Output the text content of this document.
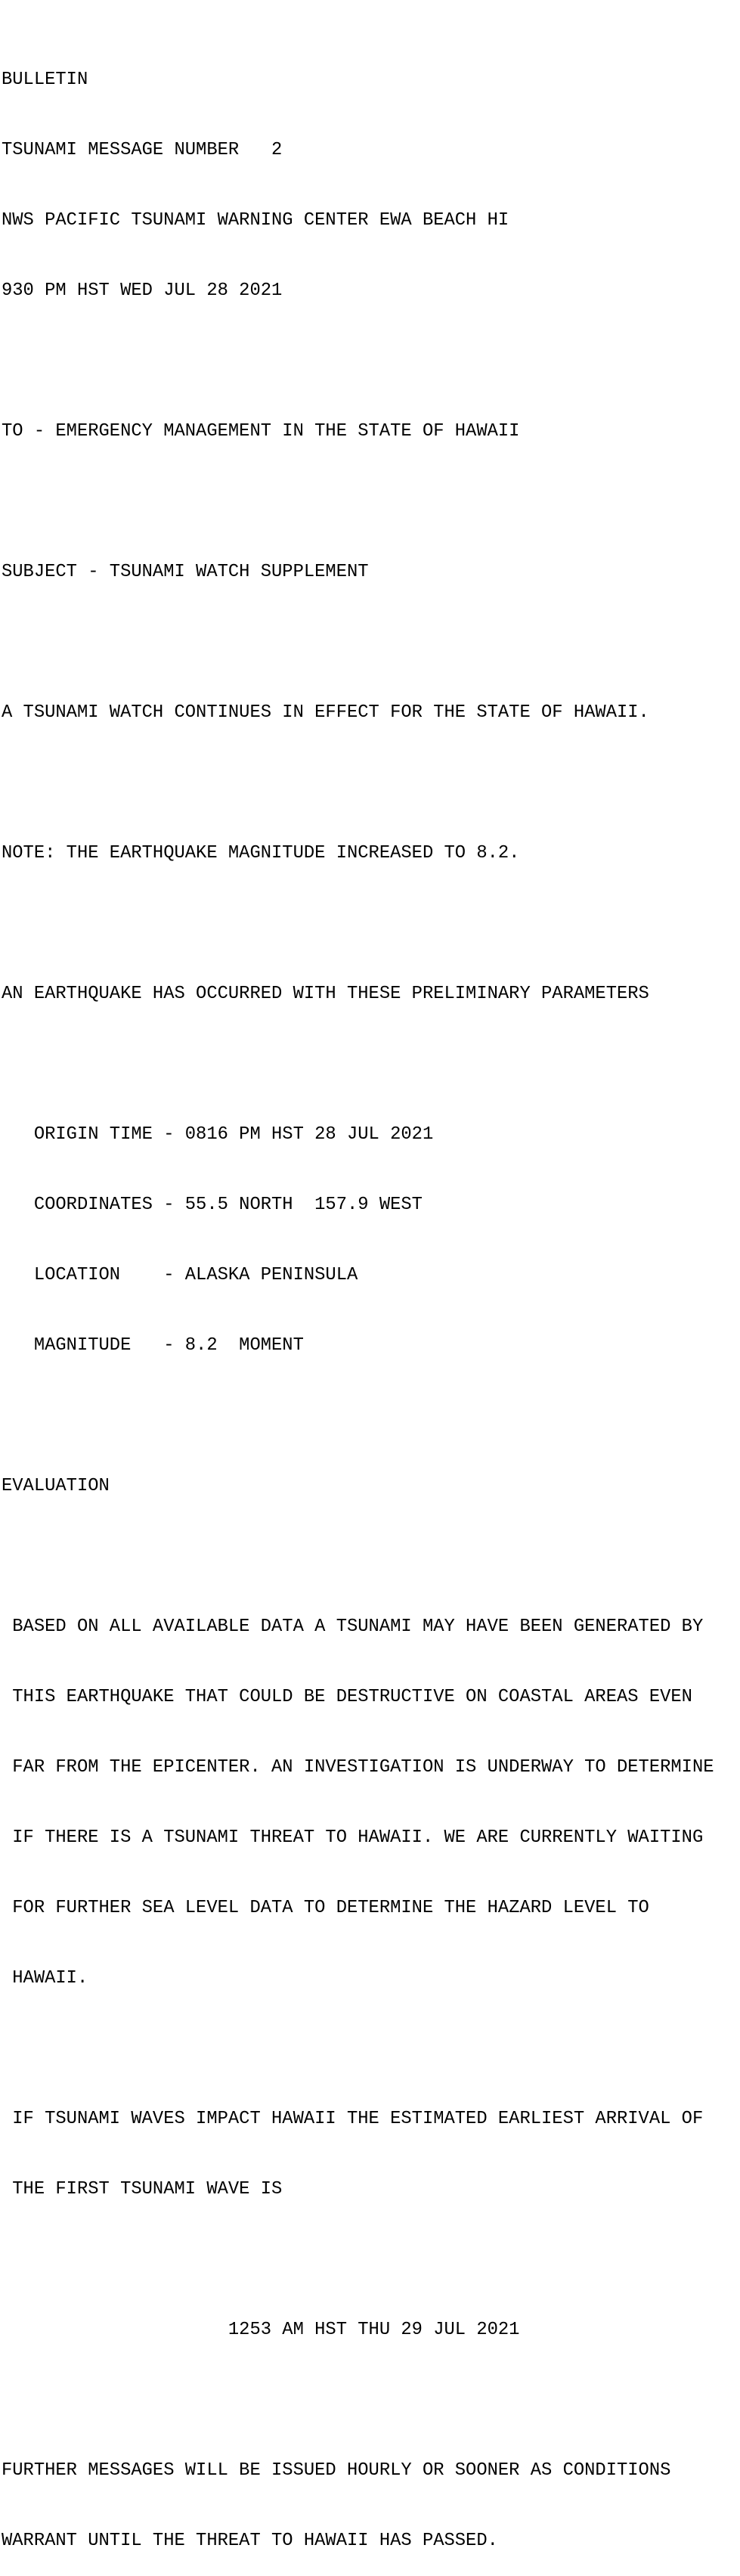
BULLETIN

TSUNAMI MESSAGE NUMBER   2

NWS PACIFIC TSUNAMI WARNING CENTER EWA BEACH HI

930 PM HST WED JUL 28 2021

TO - EMERGENCY MANAGEMENT IN THE STATE OF HAWAII

SUBJECT - TSUNAMI WATCH SUPPLEMENT

A TSUNAMI WATCH CONTINUES IN EFFECT FOR THE STATE OF HAWAII.

NOTE: THE EARTHQUAKE MAGNITUDE INCREASED TO 8.2.

AN EARTHQUAKE HAS OCCURRED WITH THESE PRELIMINARY PARAMETERS

ORIGIN TIME - 0816 PM HST 28 JUL 2021

COORDINATES - 55.5 NORTH  157.9 WEST

LOCATION    - ALASKA PENINSULA

MAGNITUDE   - 8.2  MOMENT

EVALUATION

BASED ON ALL AVAILABLE DATA A TSUNAMI MAY HAVE BEEN GENERATED BY

THIS EARTHQUAKE THAT COULD BE DESTRUCTIVE ON COASTAL AREAS EVEN

FAR FROM THE EPICENTER. AN INVESTIGATION IS UNDERWAY TO DETERMINE

IF THERE IS A TSUNAMI THREAT TO HAWAII. WE ARE CURRENTLY WAITING

FOR FURTHER SEA LEVEL DATA TO DETERMINE THE HAZARD LEVEL TO

HAWAII.

IF TSUNAMI WAVES IMPACT HAWAII THE ESTIMATED EARLIEST ARRIVAL OF

THE FIRST TSUNAMI WAVE IS

1253 AM HST THU 29 JUL 2021

FURTHER MESSAGES WILL BE ISSUED HOURLY OR SOONER AS CONDITIONS

WARRANT UNTIL THE THREAT TO HAWAII HAS PASSED.
